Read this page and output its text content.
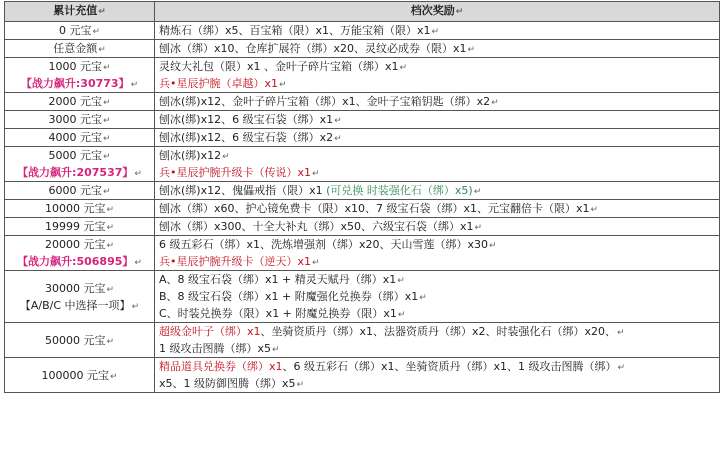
累计充值↵	档次奖励↵

0 元宝↵	精炼石（绑）x5、百宝箱（限）x1、万能宝箱（限）x1↵

任意金额↵	刨冰（绑）x10、仓库扩展符（绑）x20、灵纹必成券（限）x1↵

1000 元宝↵
【战力飙升:30773】↵	灵纹大礼包（限）x1 、金叶子碎片宝箱（绑）x1↵
兵•星辰护腕（卓越）x1↵

2000 元宝↵	刨冰(绑)x12、金叶子碎片宝箱（绑）x1、金叶子宝箱钥匙（绑）x2↵

3000 元宝↵	刨冰(绑)x12、6 级宝石袋（绑）x1↵

4000 元宝↵	刨冰(绑)x12、6 级宝石袋（绑）x2↵

5000 元宝↵
【战力飙升:207537】↵	刨冰(绑)x12↵
兵•星辰护腕升级卡（传说）x1↵

6000 元宝↵	刨冰(绑)x12、傀儡戒指（限）x1 (可兑换 时装强化石（绑）x5)↵

10000 元宝↵	刨冰（绑）x60、护心镜免费卡（限）x10、7 级宝石袋（绑）x1、元宝翻倍卡（限）x1↵

19999 元宝↵	刨冰（绑）x300、十全大补丸（绑）x50、六级宝石袋（绑）x1↵

20000 元宝↵
【战力飙升:506895】↵	6 级五彩石（绑）x1、洗炼增强剂（绑）x20、天山雪莲（绑）x30↵
兵•星辰护腕升级卡（逆天）x1↵

30000 元宝↵
【A/B/C 中选择一项】↵	A、8 级宝石袋（绑）x1 + 精灵天赋丹（绑）x1↵
B、8 级宝石袋（绑）x1 + 附魔强化兑换券（绑）x1↵
C、时装兑换券（限）x1 + 附魔兑换券（限）x1↵

50000 元宝↵	超级金叶子（绑）x1、坐骑资质丹（绑）x1、法器资质丹（绑）x2、时装强化石（绑）x20、↵
1 级攻击图腾（绑）x5↵

100000 元宝↵	精品道具兑换券（绑）x1、6 级五彩石（绑）x1、坐骑资质丹（绑）x1、1 级攻击图腾（绑）↵
x5、1 级防御图腾（绑）x5↵
